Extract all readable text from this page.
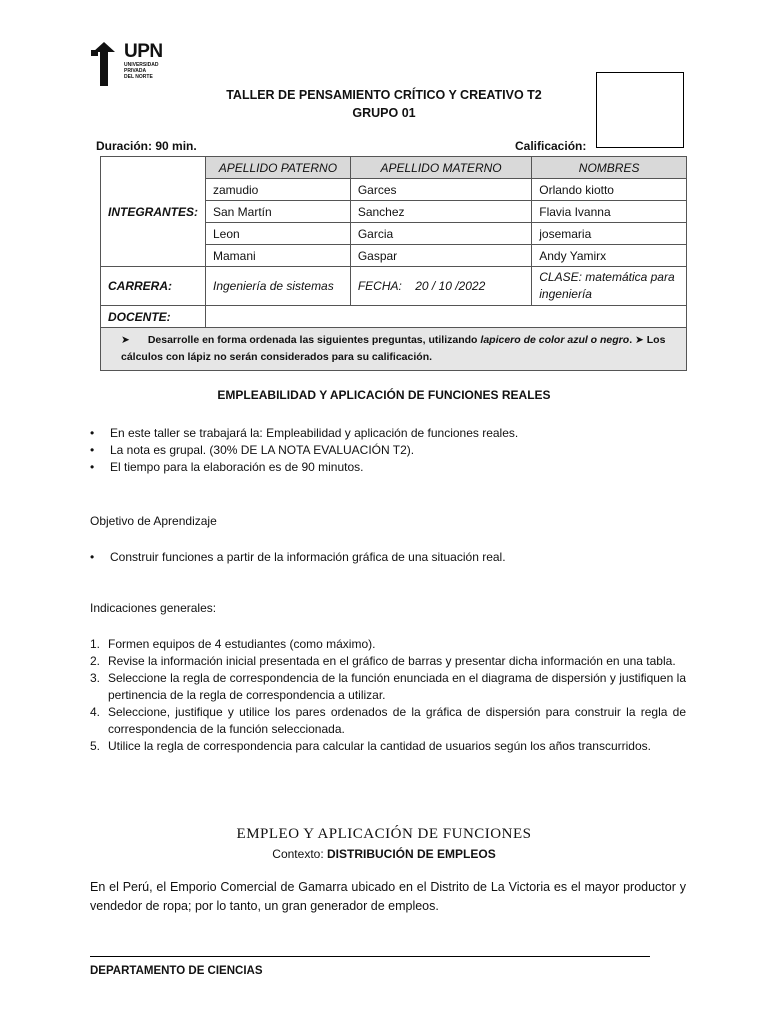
UPN
UNIVERSIDAD
PRIVADA
DEL NORTE
TALLER DE PENSAMIENTO CRÍTICO Y CREATIVO T2
GRUPO 01
Duración: 90 min.	Calificación:
INTEGRANTES:	APELLIDO PATERNO	APELLIDO MATERNO	NOMBRES
	zamudio	Garces	Orlando kiotto
	San Martín	Sanchez	Flavia Ivanna
	Leon	Garcia	josemaria
	Mamani	Gaspar	Andy Yamirx
CARRERA:	Ingeniería de sistemas	FECHA: 20 / 10 /2022	CLASE: matemática para ingeniería
DOCENTE:			
➤ Desarrolle en forma ordenada las siguientes preguntas, utilizando lapicero de color azul o negro. ➤ Los cálculos con lápiz no serán considerados para su calificación.			
EMPLEABILIDAD Y APLICACIÓN DE FUNCIONES REALES
• En este taller se trabajará la: Empleabilidad y aplicación de funciones reales.
• La nota es grupal. (30% DE LA NOTA EVALUACIÓN T2).
• El tiempo para la elaboración es de 90 minutos.
Objetivo de Aprendizaje
• Construir funciones a partir de la información gráfica de una situación real.
Indicaciones generales:
1. Formen equipos de 4 estudiantes (como máximo).
2. Revise la información inicial presentada en el gráfico de barras y presentar dicha información en una tabla.
3. Seleccione la regla de correspondencia de la función enunciada en el diagrama de dispersión y justifiquen la pertinencia de la regla de correspondencia a utilizar.
4. Seleccione, justifique y utilice los pares ordenados de la gráfica de dispersión para construir la regla de correspondencia de la función seleccionada.
5. Utilice la regla de correspondencia para calcular la cantidad de usuarios según los años transcurridos.
EMPLEO Y APLICACIÓN DE FUNCIONES
Contexto: DISTRIBUCIÓN DE EMPLEOS
En el Perú, el Emporio Comercial de Gamarra ubicado en el Distrito de La Victoria es el mayor productor y vendedor de ropa; por lo tanto, un gran generador de empleos.
DEPARTAMENTO DE CIENCIAS
